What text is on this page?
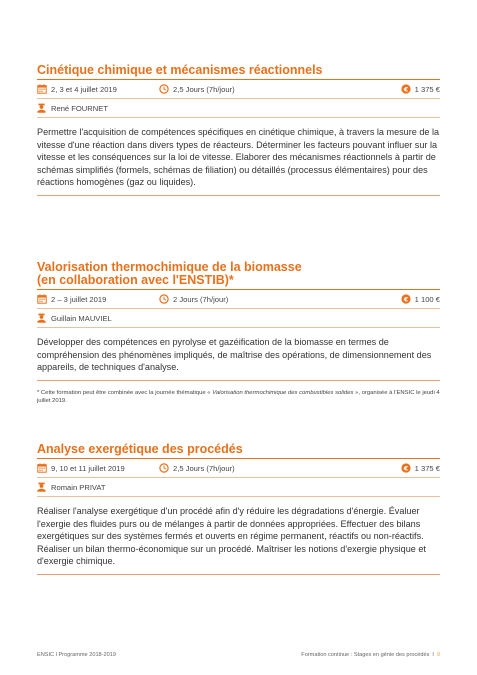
Cinétique chimique et mécanismes réactionnels
2, 3 et 4 juillet 2019	2,5 Jours (7h/jour)	€ 1 375 €
René FOURNET

Permettre l'acquisition de compétences spécifiques en cinétique chimique, à travers la mesure de la vitesse d'une réaction dans divers types de réacteurs. Déterminer les facteurs pouvant influer sur la vitesse et les conséquences sur la loi de vitesse. Elaborer des mécanismes réactionnels à partir de schémas simplifiés (formels, schémas de filiation) ou détaillés (processus élémentaires) pour des réactions homogènes (gaz ou liquides).

Valorisation thermochimique de la biomasse
(en collaboration avec l'ENSTIB)*
2 – 3 juillet 2019	2 Jours (7h/jour)	€ 1 100 €
Guillain MAUVIEL

Développer des compétences en pyrolyse et gazéification de la biomasse en termes de compréhension des phénomènes impliqués, de maîtrise des opérations, de dimensionnement des appareils, de techniques d'analyse.

* Cette formation peut être combinée avec la journée thématique « Valorisation thermochimique des combustibles solides », organisée à l'ENSIC le jeudi 4 juillet 2019.
Analyse exergétique des procédés
9, 10 et 11 juillet 2019	2,5 Jours (7h/jour)	€ 1 375 €
Romain PRIVAT

Réaliser l'analyse exergétique d'un procédé afin d'y réduire les dégradations d'énergie. Évaluer l'exergie des fluides purs ou de mélanges à partir de données appropriées. Effectuer des bilans exergétiques sur des systèmes fermés et ouverts en régime permanent, réactifs ou non-réactifs. Réaliser un bilan thermo-économique sur un procédé. Maîtriser les notions d'exergie physique et d'exergie chimique.

ENSIC l Programme 2018-2019	Formation continue : Stages en génie des procédés l 9
